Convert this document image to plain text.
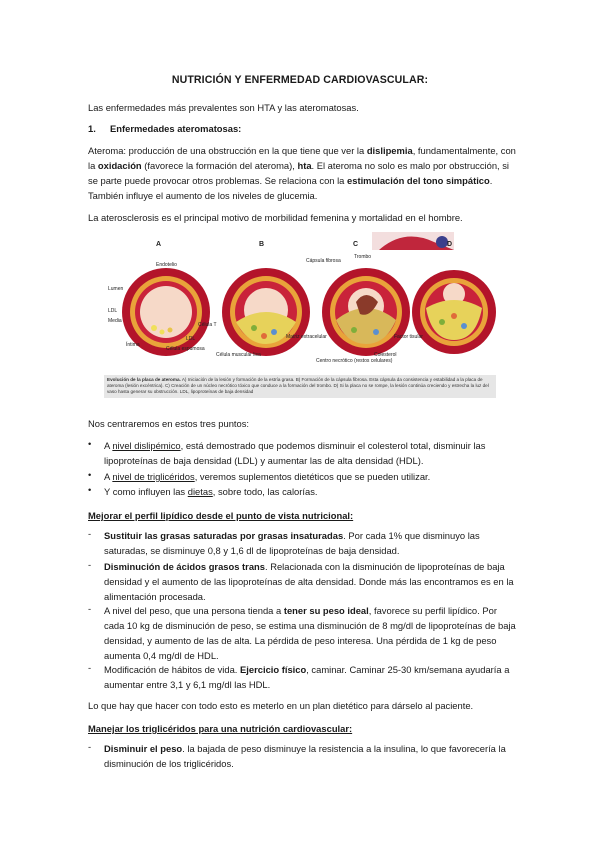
NUTRICIÓN Y ENFERMEDAD CARDIOVASCULAR:

Las enfermedades más prevalentes son HTA y las ateromatosas.

1.	Enfermedades ateromatosas:

Ateroma: producción de una obstrucción en la que tiene que ver la dislipemia, fundamentalmente, con la oxidación (favorece la formación del ateroma), hta. El ateroma no solo es malo por obstrucción, si se parte puede provocar otros problemas. Se relaciona con la estimulación del tono simpático. También influye el aumento de los niveles de glucemia.

La aterosclerosis es el principal motivo de morbilidad femenina y mortalidad en el hombre.

A	B	C	D
Endotelio
Lumen
LDL
Media
Íntima
Célula espumosa
LDL
Célula T
Célula muscular lisa
Matriz extracelular
Cápsula fibrosa
Trombo
Centro necrótico (restos celulares)
Factor tisular
Colesterol
Evolución de la placa de ateroma. A) Iniciación de la lesión y formación de la estría grasa. B) Formación de la cápsula fibrosa. Esta cápsula da consistencia y estabilidad a la placa de ateroma (lesión excéntrica). C) Creación de un núcleo necrótico tóxico que conduce a la formación del trombo. D) Si la placa no se rompe, la lesión continúa creciendo y estrecha la luz del vaso hasta generar su obstrucción. LDL, lipoproteínas de baja densidad

Nos centraremos en estos tres puntos:

•	A nivel dislipémico, está demostrado que podemos disminuir el colesterol total, disminuir las lipoproteínas de baja densidad (LDL) y aumentar las de alta densidad (HDL).
•	A nivel de triglicéridos, veremos suplementos dietéticos que se pueden utilizar.
•	Y como influyen las dietas, sobre todo, las calorías.

Mejorar el perfil lipídico desde el punto de vista nutricional:

-	Sustituir las grasas saturadas por grasas insaturadas. Por cada 1% que disminuyo las saturadas, se disminuye 0,8 y 1,6 dl de lipoproteínas de baja densidad.
-	Disminución de ácidos grasos trans. Relacionada con la disminución de lipoproteínas de baja densidad y el aumento de las lipoproteínas de alta densidad. Donde más las encontramos es en la alimentación procesada.
-	A nivel del peso, que una persona tienda a tener su peso ideal, favorece su perfil lipídico. Por cada 10 kg de disminución de peso, se estima una disminución de 8 mg/dl de lipoproteínas de baja densidad, y aumento de las de alta. La pérdida de peso interesa. Una pérdida de 1 kg de peso aumenta 0,4 mg/dl de HDL.
-	Modificación de hábitos de vida. Ejercicio físico, caminar. Caminar 25-30 km/semana ayudaría a aumentar entre 3,1 y 6,1 mg/dl las HDL.

Lo que hay que hacer con todo esto es meterlo en un plan dietético para dárselo al paciente.

Manejar los triglicéridos para una nutrición cardiovascular:

-	Disminuir el peso. la bajada de peso disminuye la resistencia a la insulina, lo que favorecería la disminución de los triglicéridos.
